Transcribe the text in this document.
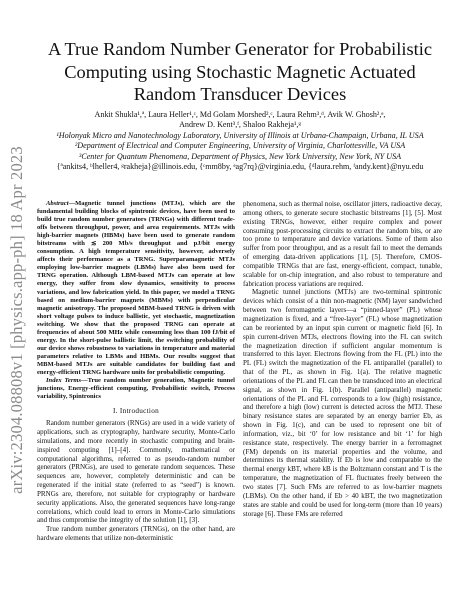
arXiv:2304.08808v1 [physics.app-ph] 18 Apr 2023
A True Random Number Generator for Probabilistic
Computing using Stochastic Magnetic Actuated
Random Transducer Devices
Ankit Shukla¹,ª, Laura Heller¹,ᶜ, Md Golam Morshed²,ᶜ, Laura Rehm³,ᵈ, Avik W. Ghosh²,ᵉ,
Andrew D. Kent³,ᶠ, Shaloo Rakheja¹,ᵍ
¹Holonyak Micro and Nanotechnology Laboratory, University of Illinois at Urbana-Champaign, Urbana, IL USA
²Department of Electrical and Computer Engineering, University of Virginia, Charlottesville, VA USA
³Center for Quantum Phenomena, Department of Physics, New York University, New York, NY USA
{ªankits4, ᵇlheller4, ᵍrakheja}@illinois.edu, {ᶜmm8by, ᵉag7rq}@virginia.edu, {ᵈlaura.rehm, ᶠandy.kent}@nyu.edu

Abstract—Magnetic tunnel junctions (MTJs), which are the fundamental building blocks of spintronic devices, have been used to build true random number generators (TRNGs) with different trade-offs between throughput, power, and area requirements. MTJs with high-barrier magnets (HBMs) have been used to generate random bitstreams with ≲ 200 Mb/s throughput and pJ/bit energy consumption. A high temperature sensitivity, however, adversely affects their performance as a TRNG. Superparamagnetic MTJs employing low-barrier magnets (LBMs) have also been used for TRNG operation. Although LBM-based MTJs can operate at low energy, they suffer from slow dynamics, sensitivity to process variations, and low fabrication yield. In this paper, we model a TRNG based on medium-barrier magnets (MBMs) with perpendicular magnetic anisotropy. The proposed MBM-based TRNG is driven with short voltage pulses to induce ballistic, yet stochastic, magnetization switching. We show that the proposed TRNG can operate at frequencies of about 500 MHz while consuming less than 100 fJ/bit of energy. In the short-pulse ballistic limit, the switching probability of our device shows robustness to variations in temperature and material parameters relative to LBMs and HBMs. Our results suggest that MBM-based MTJs are suitable candidates for building fast and energy-efficient TRNG hardware units for probabilistic computing.

Index Terms—True random number generation, Magnetic tunnel junctions, Energy-efficient computing, Probabilistic switch, Process variability, Spintronics

I. Introduction

Random number generators (RNGs) are used in a wide variety of applications, such as cryptography, hardware security, Monte-Carlo simulations, and more recently in stochastic computing and brain-inspired computing [1]–[4]. Commonly, mathematical or computational algorithms, referred to as pseudo-random number generators (PRNGs), are used to generate random sequences. These sequences are, however, completely deterministic and can be regenerated if the initial state (referred to as “seed”) is known. PRNGs are, therefore, not suitable for cryptography or hardware security applications. Also, the generated sequences have long-range correlations, which could lead to errors in Monte-Carlo simulations and thus compromise the integrity of the solution [1], [3].

True random number generators (TRNGs), on the other hand, are hardware elements that utilize non-deterministic

phenomena, such as thermal noise, oscillator jitters, radioactive decay, among others, to generate secure stochastic bitstreams [1], [5]. Most existing TRNGs, however, either require complex and power consuming post-processing circuits to extract the random bits, or are too prone to temperature and device variations. Some of them also suffer from poor throughput, and as a result fail to meet the demands of emerging data-driven applications [1], [5]. Therefore, CMOS-compatible TRNGs that are fast, energy-efficient, compact, tunable, scalable for on-chip integration, and also robust to temperature and fabrication process variations are required.

Magnetic tunnel junctions (MTJs) are two-terminal spintronic devices which consist of a thin non-magnetic (NM) layer sandwiched between two ferromagnetic layers—a “pinned-layer” (PL) whose magnetization is fixed, and a “free-layer” (FL) whose magnetization can be reoriented by an input spin current or magnetic field [6]. In spin current-driven MTJs, electrons flowing into the FL can switch the magnetization direction if sufficient angular momentum is transferred to this layer. Electrons flowing from the FL (PL) into the PL (FL) switch the magnetization of the FL antiparallel (parallel) to that of the PL, as shown in Fig. 1(a). The relative magnetic orientations of the PL and FL can then be transduced into an electrical signal, as shown in Fig. 1(b). Parallel (antiparallel) magnetic orientations of the PL and FL corresponds to a low (high) resistance, and therefore a high (low) current is detected across the MTJ. These binary resistance states are separated by an energy barrier Eb, as shown in Fig. 1(c), and can be used to represent one bit of information, viz., bit ‘0’ for low resistance and bit ‘1’ for high resistance state, respectively. The energy barrier in a ferromagnet (FM) depends on its material properties and the volume, and determines its thermal stability. If Eb is low and comparable to the thermal energy kBT, where kB is the Boltzmann constant and T is the temperature, the magnetization of FL fluctuates freely between the two states [7]. Such FMs are referred to as low-barrier magnets (LBMs). On the other hand, if Eb > 40 kBT, the two magnetization states are stable and could be used for long-term (more than 10 years) storage [6]. These FMs are referred
